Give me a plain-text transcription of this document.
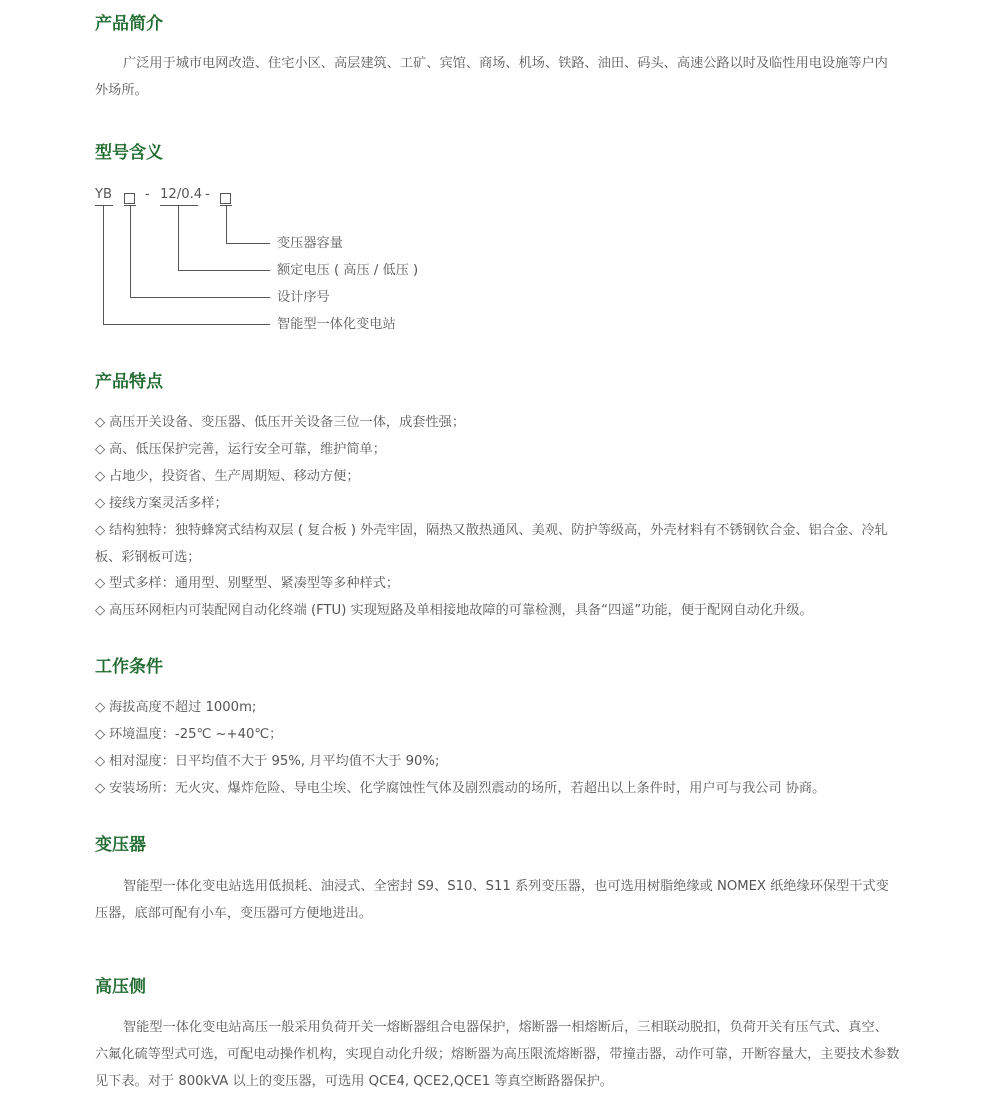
产品简介
广泛用于城市电网改造、住宅小区、高层建筑、工矿、宾馆、商场、机场、铁路、油田、码头、高速公路以时及临性用电设施等户内外场所。
型号含义
YB - 12/0.4 -
变压器容量
额定电压 ( 高压 / 低压 )
设计序号
智能型一体化变电站
产品特点
◇ 高压开关设备、变压器、低压开关设备三位一体，成套性强；
◇ 高、低压保护完善，运行安全可靠，维护简单；
◇ 占地少，投资省、生产周期短、移动方便；
◇ 接线方案灵活多样；
◇ 结构独特：独特蜂窝式结构双层 ( 复合板 ) 外壳牢固，隔热又散热通风、美观、防护等级高，外壳材料有不锈钢钦合金、铝合金、冷轧板、彩钢板可选；
◇ 型式多样：通用型、别墅型、紧凑型等多种样式；
◇ 高压环网柜内可装配网自动化终端 (FTU) 实现短路及单相接地故障的可靠检测，具备“四遥”功能，便于配网自动化升级。
工作条件
◇ 海拔高度不超过 1000m;
◇ 环境温度：-25℃ ~+40℃；
◇ 相对湿度：日平均值不大于 95%, 月平均值不大于 90%;
◇ 安装场所：无火灾、爆炸危险、导电尘埃、化学腐蚀性气体及剧烈震动的场所，若超出以上条件时，用户可与我公司 协商。
变压器
智能型一体化变电站选用低损耗、油浸式、全密封 S9、S10、S11 系列变压器，也可选用树脂绝缘或 NOMEX 纸绝缘环保型干式变压器，底部可配有小车，变压器可方便地进出。
高压侧
智能型一体化变电站高压一般采用负荷开关一熔断器组合电器保护，熔断器一相熔断后，三相联动脱扣，负荷开关有压气式、真空、六氟化硫等型式可选，可配电动操作机构，实现自动化升级；熔断器为高压限流熔断器，带撞击器，动作可靠，开断容量大，主要技术参数见下表。对于 800kVA 以上的变压器，可选用 QCE4, QCE2,QCE1 等真空断路器保护。
